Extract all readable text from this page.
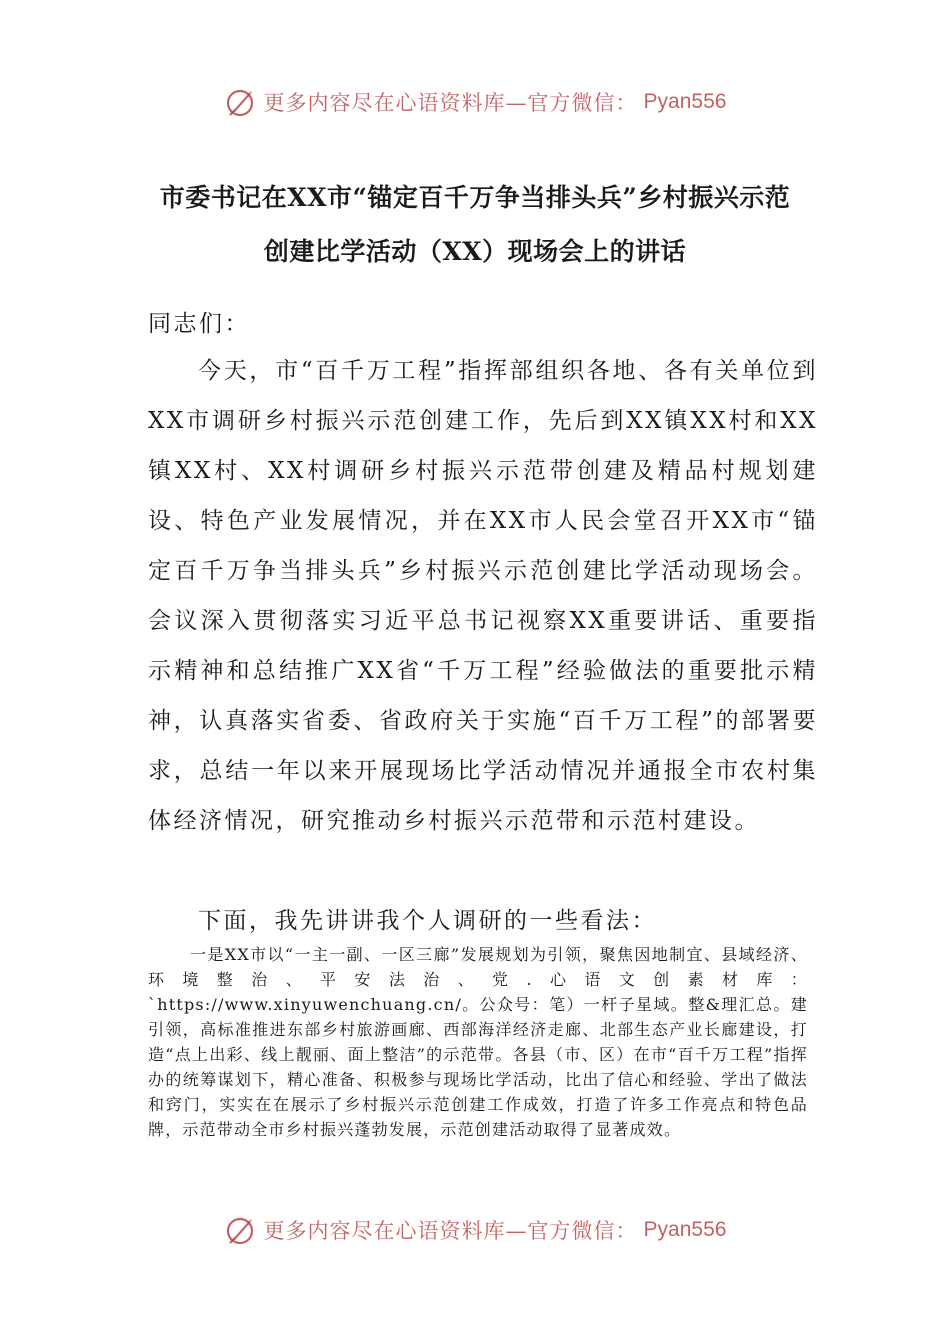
更多内容尽在心语资料库—官方微信： Pyan556
市委书记在XX市“锚定百千万争当排头兵”乡村振兴示范
创建比学活动（XX）现场会上的讲话

同志们：

今天，市“百千万工程”指挥部组织各地、各有关单位到XX市调研乡村振兴示范创建工作，先后到XX镇XX村和XX镇XX村、XX村调研乡村振兴示范带创建及精品村规划建设、特色产业发展情况，并在XX市人民会堂召开XX市“锚定百千万争当排头兵”乡村振兴示范创建比学活动现场会。会议深入贯彻落实习近平总书记视察XX重要讲话、重要指示精神和总结推广XX省“千万工程”经验做法的重要批示精神，认真落实省委、省政府关于实施“百千万工程”的部署要求，总结一年以来开展现场比学活动情况并通报全市农村集体经济情况，研究推动乡村振兴示范带和示范村建设。

下面，我先讲讲我个人调研的一些看法：

一是XX市以“一主一副、一区三廊”发展规划为引领，聚焦因地制宜、县域经济、环境整治、平安法治、党.心语文创素材库：`https://www.xinyuwenchuang.cn/。公众号：笔）一杆子星域。整&理汇总。建引领，高标准推进东部乡村旅游画廊、西部海洋经济走廊、北部生态产业长廊建设，打造“点上出彩、线上靓丽、面上整洁”的示范带。各县（市、区）在市“百千万工程”指挥办的统筹谋划下，精心准备、积极参与现场比学活动，比出了信心和经验、学出了做法和窍门，实实在在展示了乡村振兴示范创建工作成效，打造了许多工作亮点和特色品牌，示范带动全市乡村振兴蓬勃发展，示范创建活动取得了显著成效。

更多内容尽在心语资料库—官方微信： Pyan556
